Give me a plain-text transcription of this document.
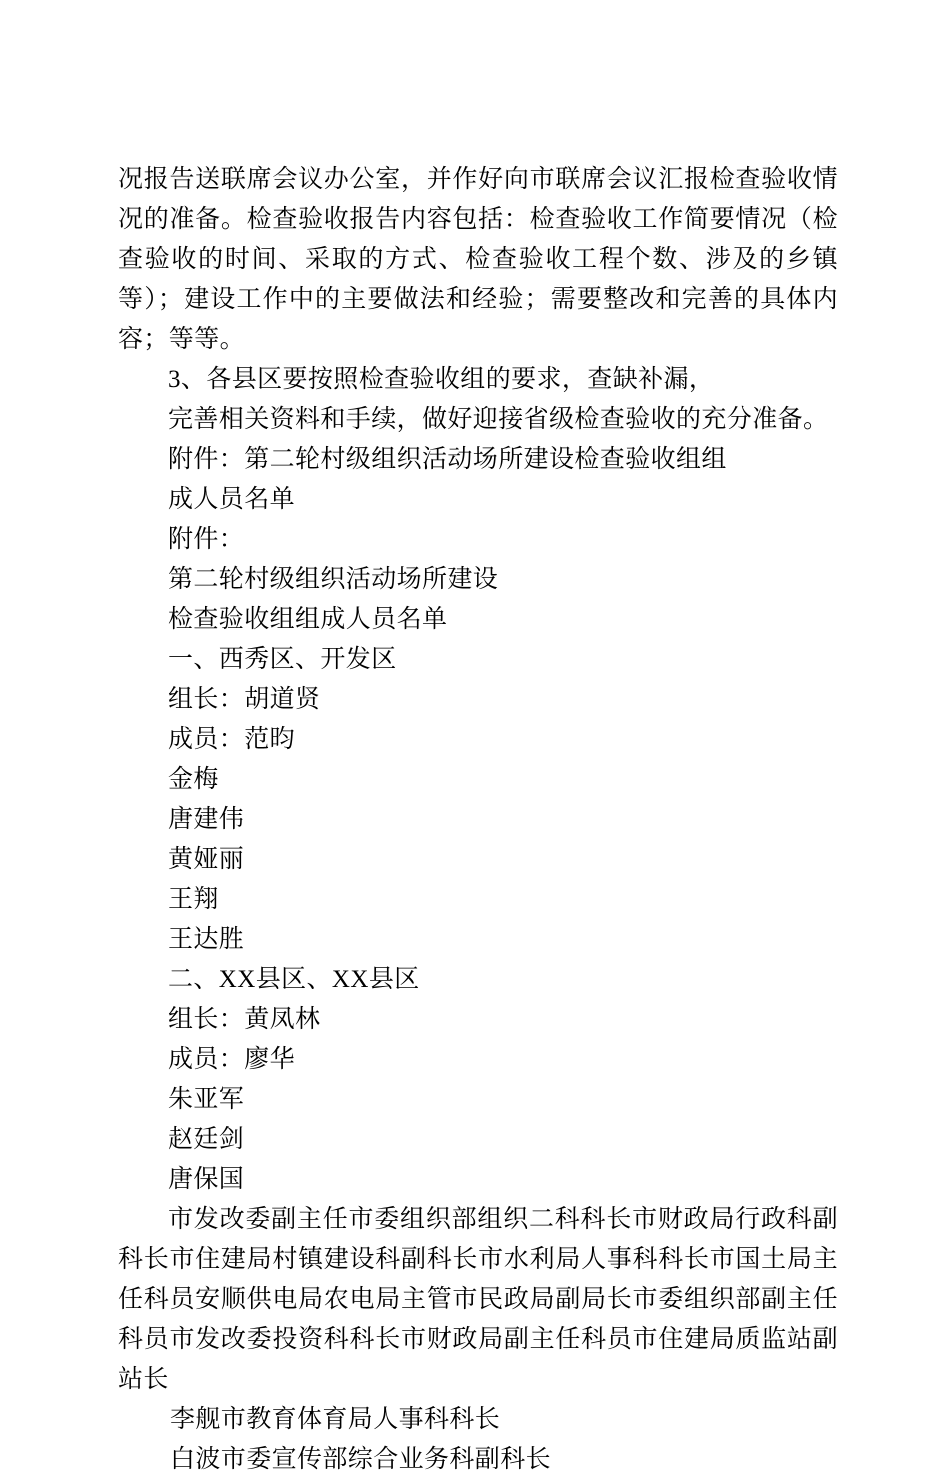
况报告送联席会议办公室，并作好向市联席会议汇报检查验收情况的准备。检查验收报告内容包括：检查验收工作简要情况（检查验收的时间、采取的方式、检查验收工程个数、涉及的乡镇等）；建设工作中的主要做法和经验；需要整改和完善的具体内容；等等。

3、各县区要按照检查验收组的要求，查缺补漏，

完善相关资料和手续，做好迎接省级检查验收的充分准备。

附件：第二轮村级组织活动场所建设检查验收组组

成人员名单

附件：

第二轮村级组织活动场所建设

检查验收组组成人员名单

一、西秀区、开发区

组长：胡道贤

成员：范昀

金梅

唐建伟

黄娅丽

王翔

王达胜

二、XX县区、XX县区

组长：黄凤林

成员：廖华

朱亚军

赵廷剑

唐保国

市发改委副主任市委组织部组织二科科长市财政局行政科副科长市住建局村镇建设科副科长市水利局人事科科长市国土局主任科员安顺供电局农电局主管市民政局副局长市委组织部副主任科员市发改委投资科科长市财政局副主任科员市住建局质监站副站长

李舰市教育体育局人事科科长

白波市委宣传部综合业务科副科长
